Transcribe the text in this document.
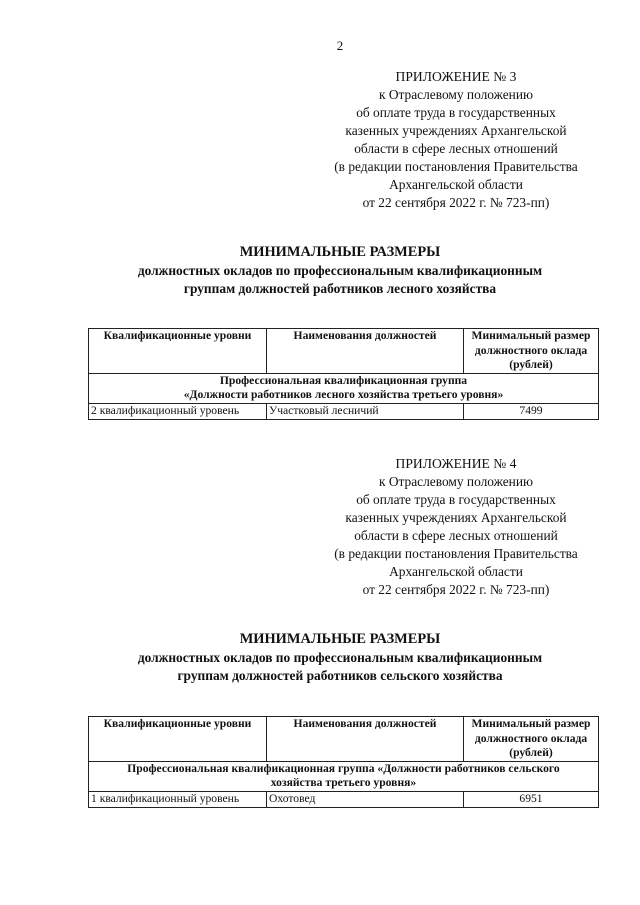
2
ПРИЛОЖЕНИЕ № 3
к Отраслевому положению
об оплате труда в государственных
казенных учреждениях Архангельской
области в сфере лесных отношений
(в редакции постановления Правительства
Архангельской области
от 22 сентября 2022 г. № 723-пп)
МИНИМАЛЬНЫЕ РАЗМЕРЫ
должностных окладов по профессиональным квалификационным
группам должностей работников лесного хозяйства
Квалификационные уровни	Наименования должностей	Минимальный размер должностного оклада (рублей)

Профессиональная квалификационная группа
«Должности работников лесного хозяйства третьего уровня»		

2 квалификационный уровень	Участковый лесничий	7499
ПРИЛОЖЕНИЕ № 4
к Отраслевому положению
об оплате труда в государственных
казенных учреждениях Архангельской
области в сфере лесных отношений
(в редакции постановления Правительства
Архангельской области
от 22 сентября 2022 г. № 723-пп)
МИНИМАЛЬНЫЕ РАЗМЕРЫ
должностных окладов по профессиональным квалификационным
группам должностей работников сельского хозяйства
Квалификационные уровни	Наименования должностей	Минимальный размер должностного оклада (рублей)

Профессиональная квалификационная группа «Должности работников сельского
хозяйства третьего уровня»		

1 квалификационный уровень	Охотовед	6951
